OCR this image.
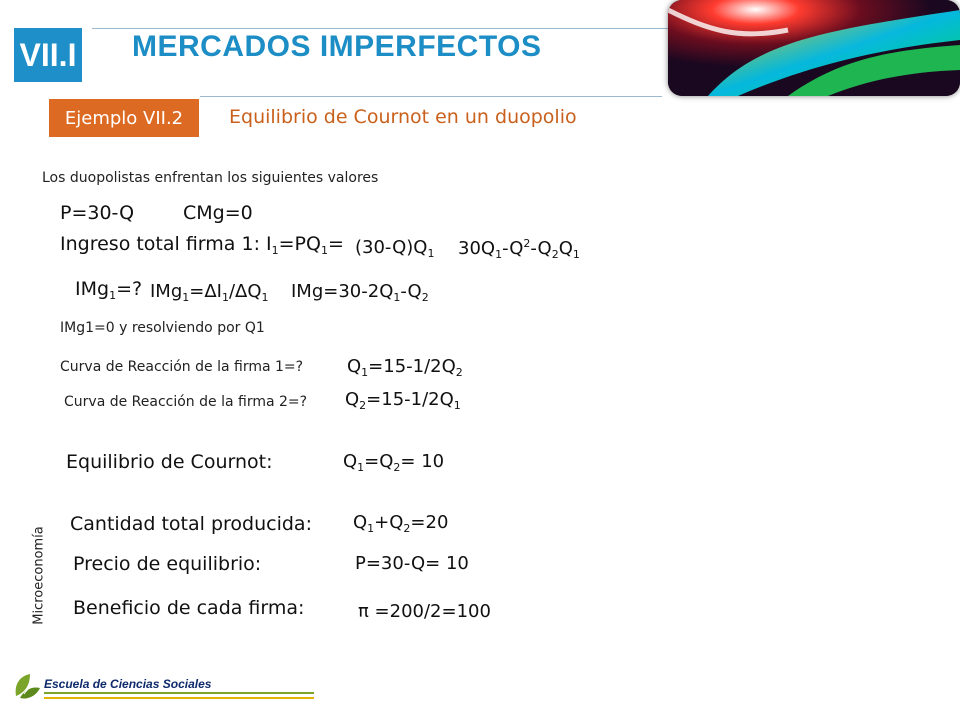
VII.I MERCADOS IMPERFECTOS
Ejemplo VII.2 Equilibrio de Cournot en un duopolio
Los duopolistas enfrentan los siguientes valores
P=30-Q	CMg=0
Ingreso total firma 1: $I_1=PQ_1= (30-Q)Q_1$ $30Q_1-Q^2-Q_2Q_1$
IMg$_1$=? $IMg_1=\Delta I_1/\Delta Q_1$ $IMg=30-2Q_1-Q_2$
IMg1=0 y resolviendo por Q1
Curva de Reacción de la firma 1=? $Q_1=15-1/2Q_2$
Curva de Reacción de la firma 2=? $Q_2=15-1/2Q_1$
Equilibrio de Cournot:	$Q_1=Q_2= 10$
Cantidad total producida: $Q_1+Q_2=20$
Precio de equilibrio:	P=30-Q= 10
Beneficio de cada firma:	π =200/2=100
Microeconomía
Escuela de Ciencias Sociales
